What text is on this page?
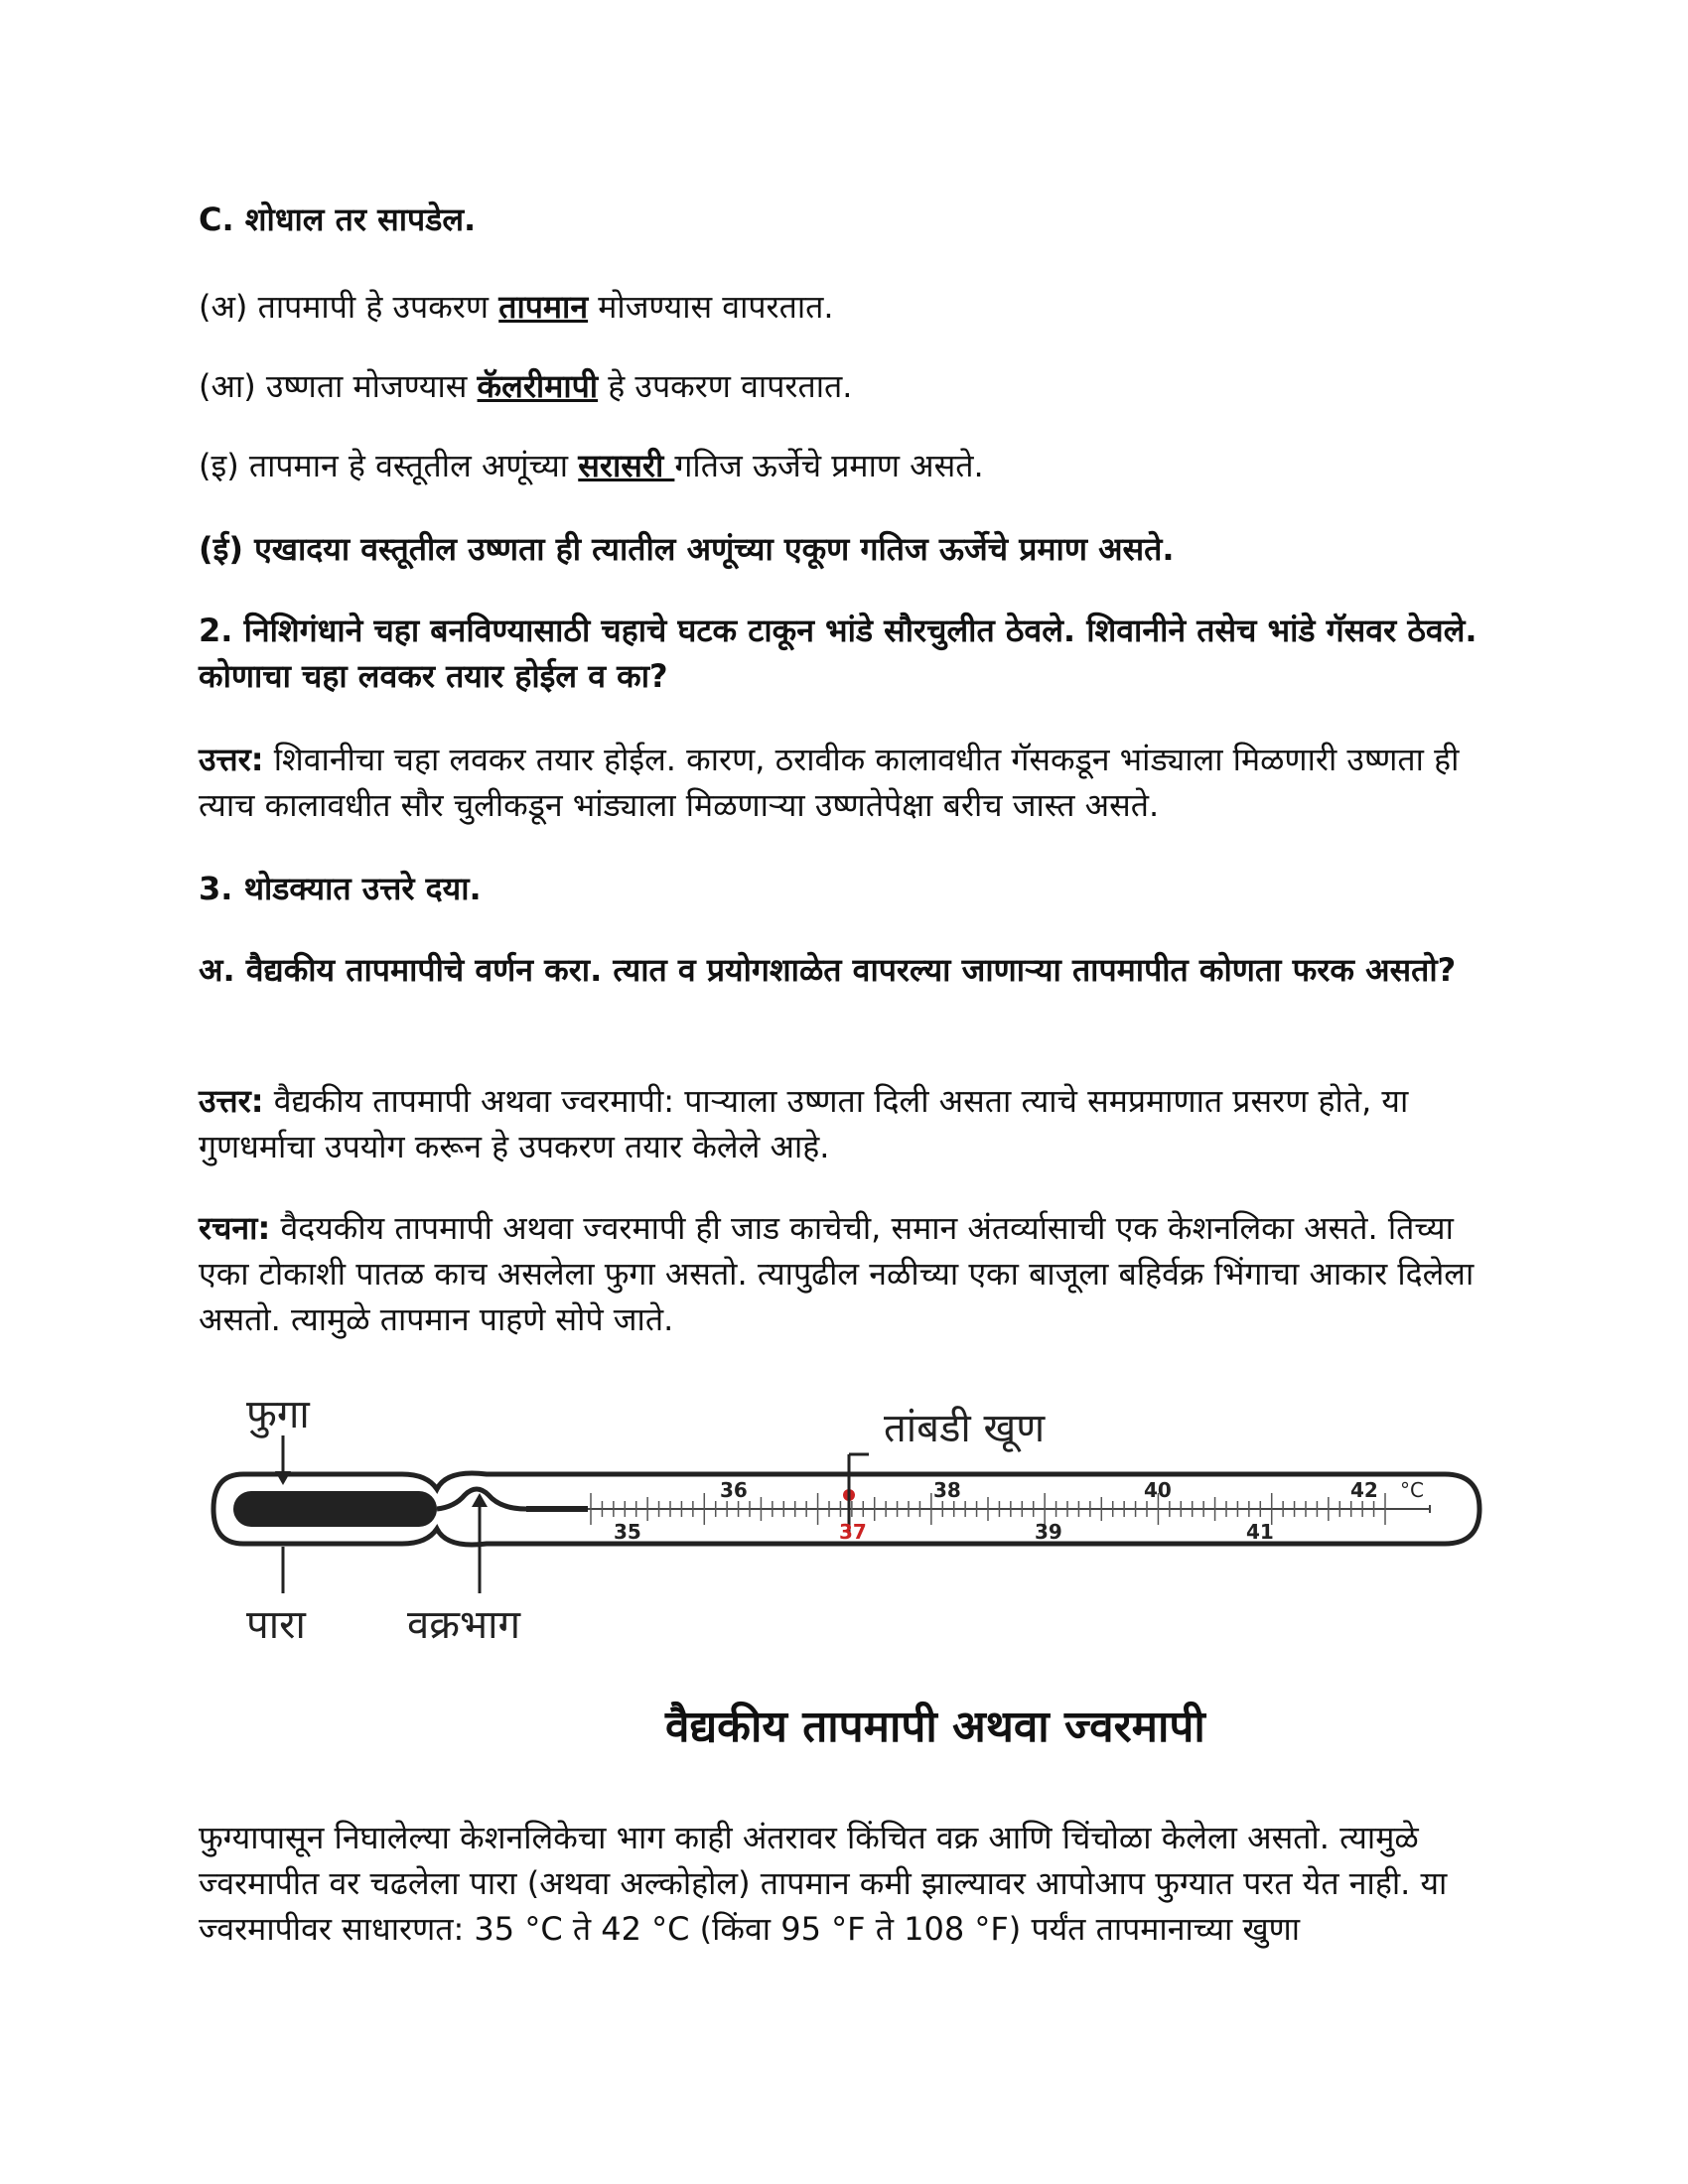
C. शोधाल तर सापडेल.

(अ) तापमापी हे उपकरण तापमान मोजण्यास वापरतात.

(आ) उष्णता मोजण्यास कॅलरीमापी हे उपकरण वापरतात.

(इ) तापमान हे वस्तूतील अणूंच्या सरासरी गतिज ऊर्जेचे प्रमाण असते.

(ई) एखादया वस्तूतील उष्णता ही त्यातील अणूंच्या एकूण गतिज ऊर्जेचे प्रमाण असते.

2. निशिगंधाने चहा बनविण्यासाठी चहाचे घटक टाकून भांडे सौरचुलीत ठेवले. शिवानीने तसेच भांडे गॅसवर ठेवले. कोणाचा चहा लवकर तयार होईल व का?

उत्तर: शिवानीचा चहा लवकर तयार होईल. कारण, ठरावीक कालावधीत गॅसकडून भांड्याला मिळणारी उष्णता ही त्याच कालावधीत सौर चुलीकडून भांड्याला मिळणाऱ्या उष्णतेपेक्षा बरीच जास्त असते.

3. थोडक्यात उत्तरे दया.

अ. वैद्यकीय तापमापीचे वर्णन करा. त्यात व प्रयोगशाळेत वापरल्या जाणाऱ्या तापमापीत कोणता फरक असतो?

उत्तर: वैद्यकीय तापमापी अथवा ज्वरमापी: पाऱ्याला उष्णता दिली असता त्याचे समप्रमाणात प्रसरण होते, या गुणधर्माचा उपयोग करून हे उपकरण तयार केलेले आहे.

रचना: वैदयकीय तापमापी अथवा ज्वरमापी ही जाड काचेची, समान अंतर्व्यासाची एक केशनलिका असते. तिच्या एका टोकाशी पातळ काच असलेला फुगा असतो. त्यापुढील नळीच्या एका बाजूला बहिर्वक्र भिंगाचा आकार दिलेला असतो. त्यामुळे तापमान पाहणे सोपे जाते.

फुग्यापासून निघालेल्या केशनलिकेचा भाग काही अंतरावर किंचित वक्र आणि चिंचोळा केलेला असतो. त्यामुळे ज्वरमापीत वर चढलेला पारा (अथवा अल्कोहोल) तापमान कमी झाल्यावर आपोआप फुग्यात परत येत नाही. या ज्वरमापीवर साधारणत: 35 °C ते 42 °C (किंवा 95 °F ते 108 °F) पर्यंत तापमानाच्या खुणा

तांबडी खूण
36	38	40	42 °C
35	37	39	41
फुगा
पारा	वक्रभाग
वैद्यकीय तापमापी अथवा ज्वरमापी
